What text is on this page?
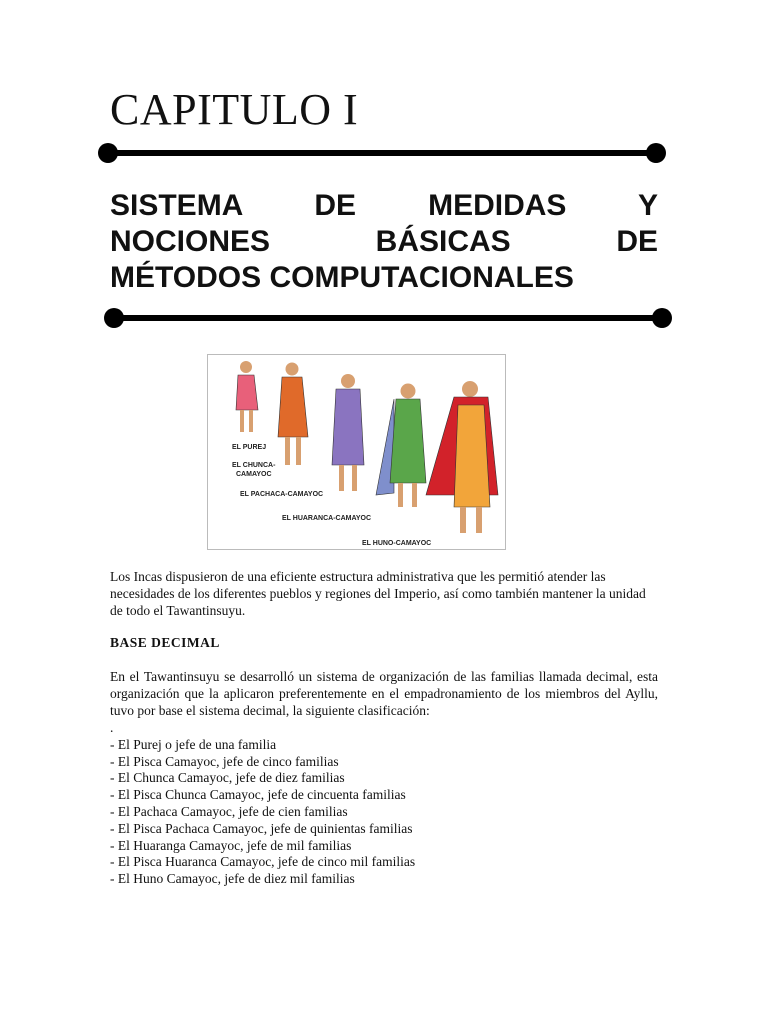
CAPITULO I
SISTEMA DE MEDIDAS Y
NOCIONES BÁSICAS DE
MÉTODOS COMPUTACIONALES
EL PUREJ
EL CHUNCA-
CAMAYOC
EL PACHACA-CAMAYOC
EL HUARANCA-CAMAYOC
EL HUNO-CAMAYOC

Los Incas dispusieron de una eficiente estructura administrativa que les permitió atender las necesidades de los diferentes pueblos y regiones del Imperio, así como también mantener la unidad de todo el Tawantinsuyu.

BASE DECIMAL

En el Tawantinsuyu se desarrolló un sistema de organización de las familias llamada decimal, esta organización que la aplicaron preferentemente en el empadronamiento de los miembros del Ayllu, tuvo por base el sistema decimal, la siguiente clasificación:

.
- El Purej o jefe de una familia
- El Pisca Camayoc, jefe de cinco familias
- El Chunca Camayoc, jefe de diez familias
- El Pisca Chunca Camayoc, jefe de cincuenta familias
- El Pachaca Camayoc, jefe de cien familias
- El Pisca Pachaca Camayoc, jefe de quinientas familias
- El Huaranga Camayoc, jefe de mil familias
- El Pisca Huaranca Camayoc, jefe de cinco mil familias
- El Huno Camayoc, jefe de diez mil familias
